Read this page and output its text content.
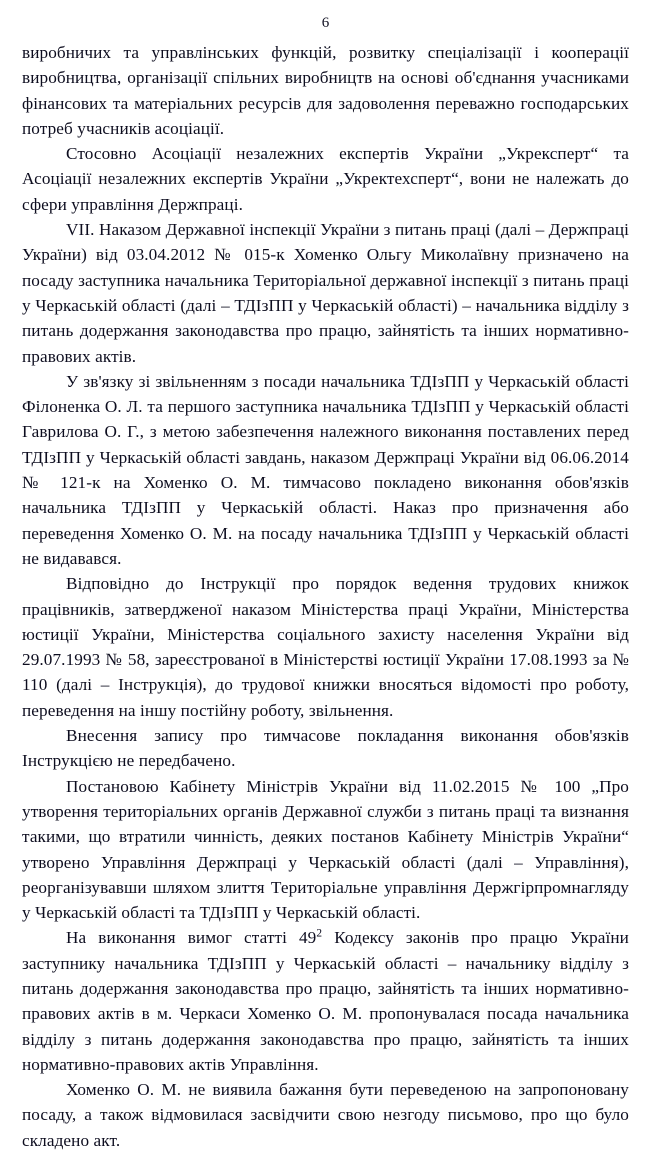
6

виробничих та управлінських функцій, розвитку спеціалізації і кооперації виробництва, організації спільних виробництв на основі об'єднання учасниками фінансових та матеріальних ресурсів для задоволення переважно господарських потреб учасників асоціації.

Стосовно Асоціації незалежних експертів України „Укрексперт“ та Асоціації незалежних експертів України „Укректехсперт“, вони не належать до сфери управління Держпраці.

VII. Наказом Державної інспекції України з питань праці (далі – Держпраці України) від 03.04.2012 № 015-к Хоменко Ольгу Миколаївну призначено на посаду заступника начальника Територіальної державної інспекції з питань праці у Черкаській області (далі – ТДІзПП у Черкаській області) – начальника відділу з питань додержання законодавства про працю, зайнятість та інших нормативно-правових актів.

У зв'язку зі звільненням з посади начальника ТДІзПП у Черкаській області Філоненка О. Л. та першого заступника начальника ТДІзПП у Черкаській області Гаврилова О. Г., з метою забезпечення належного виконання поставлених перед ТДІзПП у Черкаській області завдань, наказом Держпраці України від 06.06.2014 № 121-к на Хоменко О. М. тимчасово покладено виконання обов'язків начальника ТДІзПП у Черкаській області. Наказ про призначення або переведення Хоменко О. М. на посаду начальника ТДІзПП у Черкаській області не видавався.

Відповідно до Інструкції про порядок ведення трудових книжок працівників, затвердженої наказом Міністерства праці України, Міністерства юстиції України, Міністерства соціального захисту населення України від 29.07.1993 № 58, зареєстрованої в Міністерстві юстиції України 17.08.1993 за № 110 (далі – Інструкція), до трудової книжки вносяться відомості про роботу, переведення на іншу постійну роботу, звільнення.

Внесення запису про тимчасове покладання виконання обов'язків Інструкцією не передбачено.

Постановою Кабінету Міністрів України від 11.02.2015 № 100 „Про утворення територіальних органів Державної служби з питань праці та визнання такими, що втратили чинність, деяких постанов Кабінету Міністрів України“ утворено Управління Держпраці у Черкаській області (далі – Управління), реорганізувавши шляхом злиття Територіальне управління Держгірпромнагляду у Черкаській області та ТДІзПП у Черкаській області.

На виконання вимог статті $49^2$ Кодексу законів про працю України заступнику начальника ТДІзПП у Черкаській області – начальнику відділу з питань додержання законодавства про працю, зайнятість та інших нормативно-правових актів в м. Черкаси Хоменко О. М. пропонувалася посада начальника відділу з питань додержання законодавства про працю, зайнятість та інших нормативно-правових актів Управління.

Хоменко О. М. не виявила бажання бути переведеною на запропоновану посаду, а також відмовилася засвідчити свою незгоду письмово, про що було складено акт.
